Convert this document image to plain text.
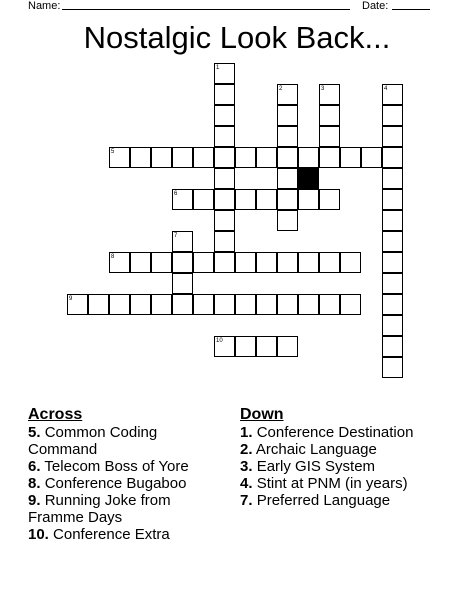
Name:	Date:
Nostalgic Look Back...
1
2	3	4
5
6
7
8
9
10
Across
5. Common Coding Command
6. Telecom Boss of Yore
8. Conference Bugaboo
9. Running Joke from Framme Days
10. Conference Extra
Down
1. Conference Destination
2. Archaic Language
3. Early GIS System
4. Stint at PNM (in years)
7. Preferred Language
